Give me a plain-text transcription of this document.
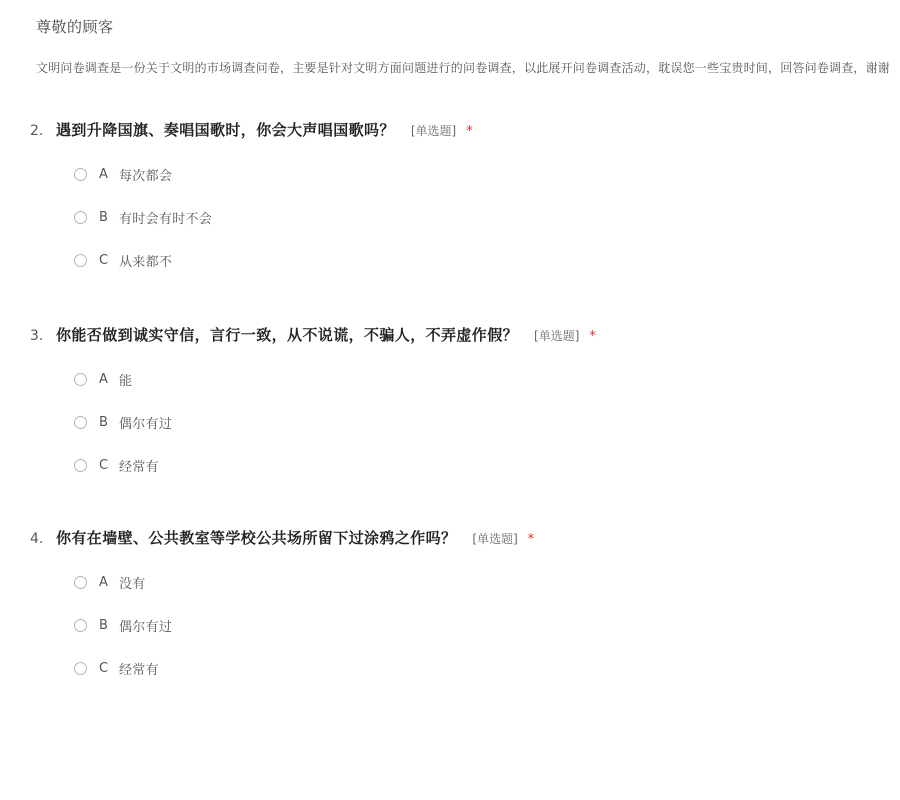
尊敬的顾客
文明问卷调查是一份关于文明的市场调查问卷，主要是针对文明方面问题进行的问卷调查，以此展开问卷调查活动，耽误您一些宝贵时间，回答问卷调查，谢谢
2. 遇到升降国旗、奏唱国歌时，你会大声唱国歌吗？ [单选题] *
A 每次都会
B 有时会有时不会
C 从来都不
3. 你能否做到诚实守信，言行一致，从不说谎，不骗人，不弄虚作假？ [单选题] *
A 能
B 偶尔有过
C 经常有
4. 你有在墙壁、公共教室等学校公共场所留下过涂鸦之作吗？ [单选题] *
A 没有
B 偶尔有过
C 经常有
